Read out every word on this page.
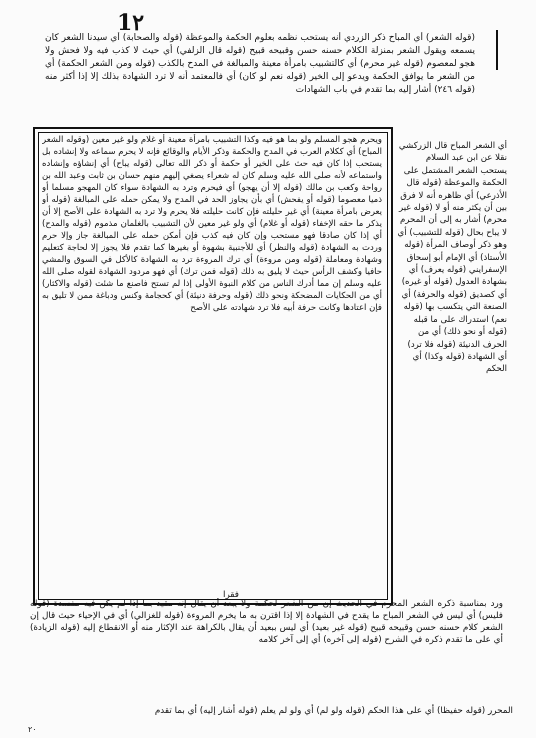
1٢
(قوله الشعر) أي المباح ذكر الزردي أنه يستحب نظمه بعلوم الحكمة والموعظة (قوله والصحابة) أي سيدنا الشعر كان يسمعه ويقول الشعر بمنزلة الكلام حسنه حسن وقبيحه قبيح (قوله قال الزلفي) أي حيث لا كذب فيه ولا فحش ولا هجو لمعصوم (قوله غير محرم) أي كالتشبيب بامرأة معينة والمبالغة في المدح بالكذب (قوله ومن الشعر الحكمة) أي من الشعر ما يوافق الحكمة ويدعو إلى الخير (قوله نعم لو كان) أي فالمعتمد أنه لا ترد الشهادة بذلك إلا إذا أكثر منه (قوله ٢٤٦) أشار إليه بما تقدم في باب الشهادات
ويحرم هجو المسلم ولو بما هو فيه وكذا التشبيب بامرأة معينة أو غلام ولو غير معين (وقوله الشعر المباح) أي ككلام العرب في المدح والحكمة وذكر الأيام والوقائع فإنه لا يحرم سماعه ولا إنشاده بل يستحب إذا كان فيه حث على الخير أو حكمة أو ذكر الله تعالى (قوله يباح) أي إنشاؤه وإنشاده واستماعه لأنه صلى الله عليه وسلم كان له شعراء يصغي إليهم منهم حسان بن ثابت وعبد الله بن رواحة وكعب بن مالك (قوله إلا أن يهجو) أي فيحرم وترد به الشهادة سواء كان المهجو مسلما أو ذميا معصوما (قوله أو يفحش) أي بأن يجاوز الحد في المدح ولا يمكن حمله على المبالغة (قوله أو يعرض بامرأة معينة) أي غير حليلته فإن كانت حليلته فلا يحرم ولا ترد به الشهادة على الأصح إلا أن يذكر ما حقه الإخفاء (قوله أو غلام) أي ولو غير معين لأن التشبيب بالغلمان مذموم (قوله والمدح) أي إذا كان صادقا فهو مستحب وإن كان فيه كذب فإن أمكن حمله على المبالغة جاز وإلا حرم وردت به الشهادة (قوله والنظر) أي للأجنبية بشهوة أو بغيرها كما تقدم فلا يجوز إلا لحاجة كتعليم وشهادة ومعاملة (قوله ومن مروءة) أي ترك المروءة ترد به الشهادة كالأكل في السوق والمشي حافيا وكشف الرأس حيث لا يليق به ذلك (قوله فمن ترك) أي فهو مردود الشهادة لقوله صلى الله عليه وسلم إن مما أدرك الناس من كلام النبوة الأولى إذا لم تستح فاصنع ما شئت (قوله والاكثار) أي من الحكايات المضحكة ونحو ذلك (قوله وحرفة دنيئة) أي كحجامة وكنس ودباغة ممن لا تليق به فإن اعتادها وكانت حرفة أبيه فلا ترد شهادته على الأصح
أي الشعر المباح قال الزركشي نقلا عن ابن عبد السلام يستحب الشعر المشتمل على الحكمة والموعظة (قوله قال الأذرعي) أي ظاهره أنه لا فرق بين أن يكثر منه أو لا (قوله غير محرم) أشار به إلى أن المحرم لا يباح بحال (قوله للتشبيب) أي وهو ذكر أوصاف المرأة (قوله الأستاذ) أي الإمام أبو إسحاق الإسفرايني (قوله يعرف) أي بشهادة العدول (قوله أو غيره) أي كصديق (قوله والحرفة) أي الصنعة التي يتكسب بها (قوله نعم) استدراك على ما قبله (قوله أو نحو ذلك) أي من الحرف الدنيئة (قوله فلا ترد) أي الشهادة (قوله وكذا) أي الحكم
فقرا
ورد بمناسبة ذكره الشعر المحرم في الحديث إن من الشعر لحكمة ولا يبعد أن يقال إنه مقيد بما إذا لم يكن فيه مفسدة (قوله فليس) أي ليس في الشعر المباح ما يقدح في الشهادة إلا إذا اقترن به ما يخرم المروءة (قوله للغزالي) أي في الإحياء حيث قال إن الشعر كلام حسنه حسن وقبيحه قبيح (قوله غير بعيد) أي ليس ببعيد أن يقال بالكراهة عند الإكثار منه أو الانقطاع إليه (قوله الزيادة) أي على ما تقدم ذكره في الشرح (قوله إلى آخره) أي إلى آخر كلامه
المحرر (قوله حفيظا) أي على هذا الحكم (قوله ولو لم) أي ولو لم يعلم (قوله أشار إليه) أي بما تقدم
٢٠
